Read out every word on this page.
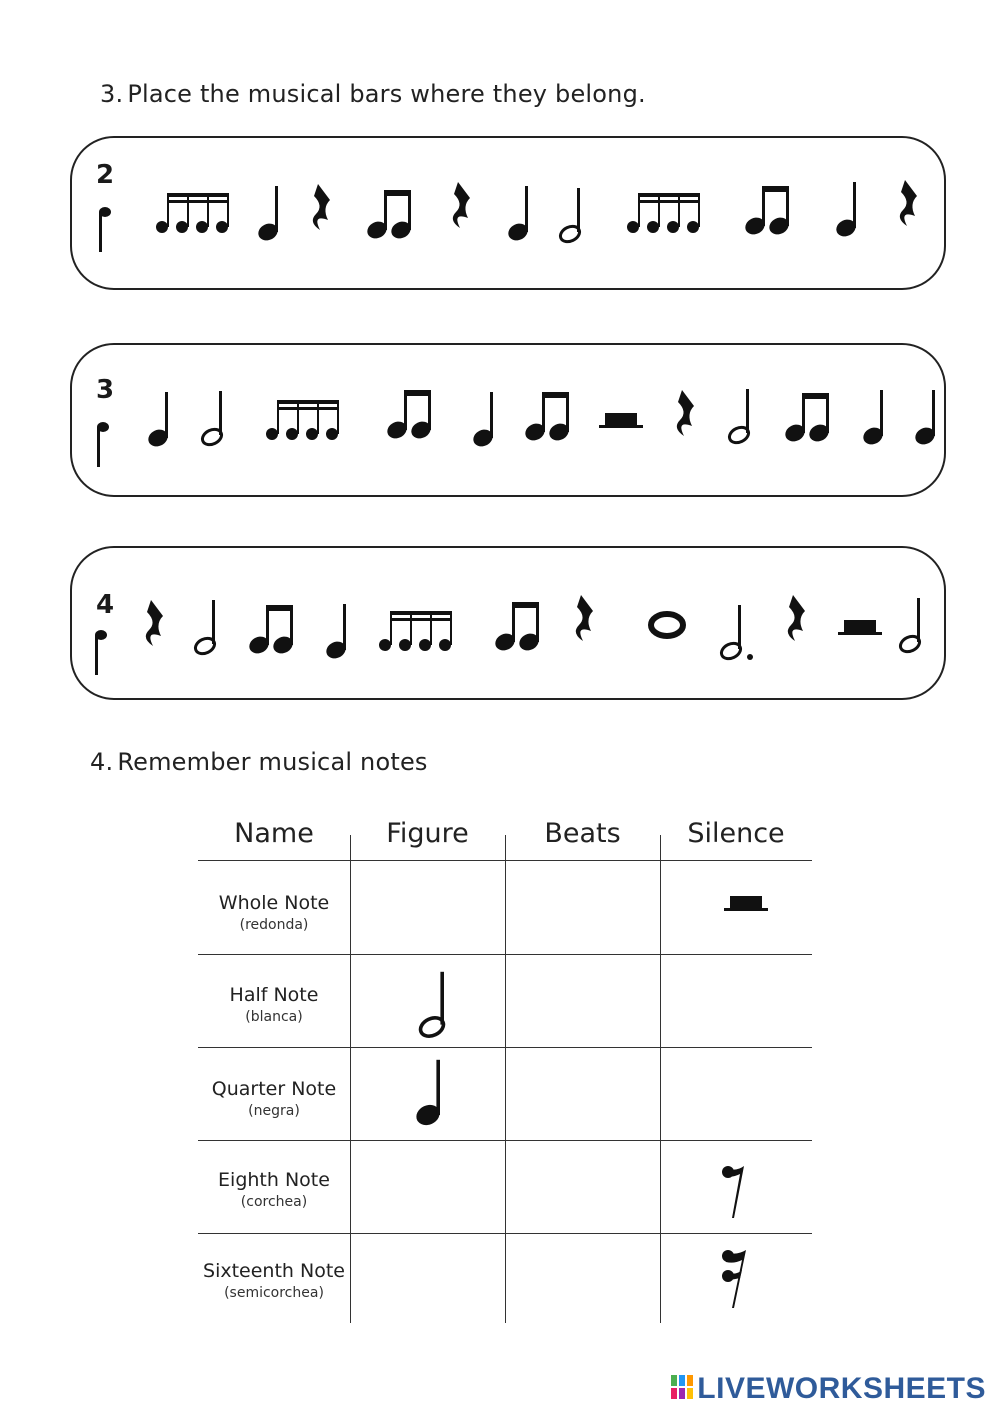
3. Place the musical bars where they belong.
2
3
4
4. Remember musical notes
Name	Figure	Beats	Silence
Whole Note
(redonda)
Half Note
(blanca)
Quarter Note
(negra)
Eighth Note
(corchea)
Sixteenth Note
(semicorchea)
LIVEWORKSHEETS
